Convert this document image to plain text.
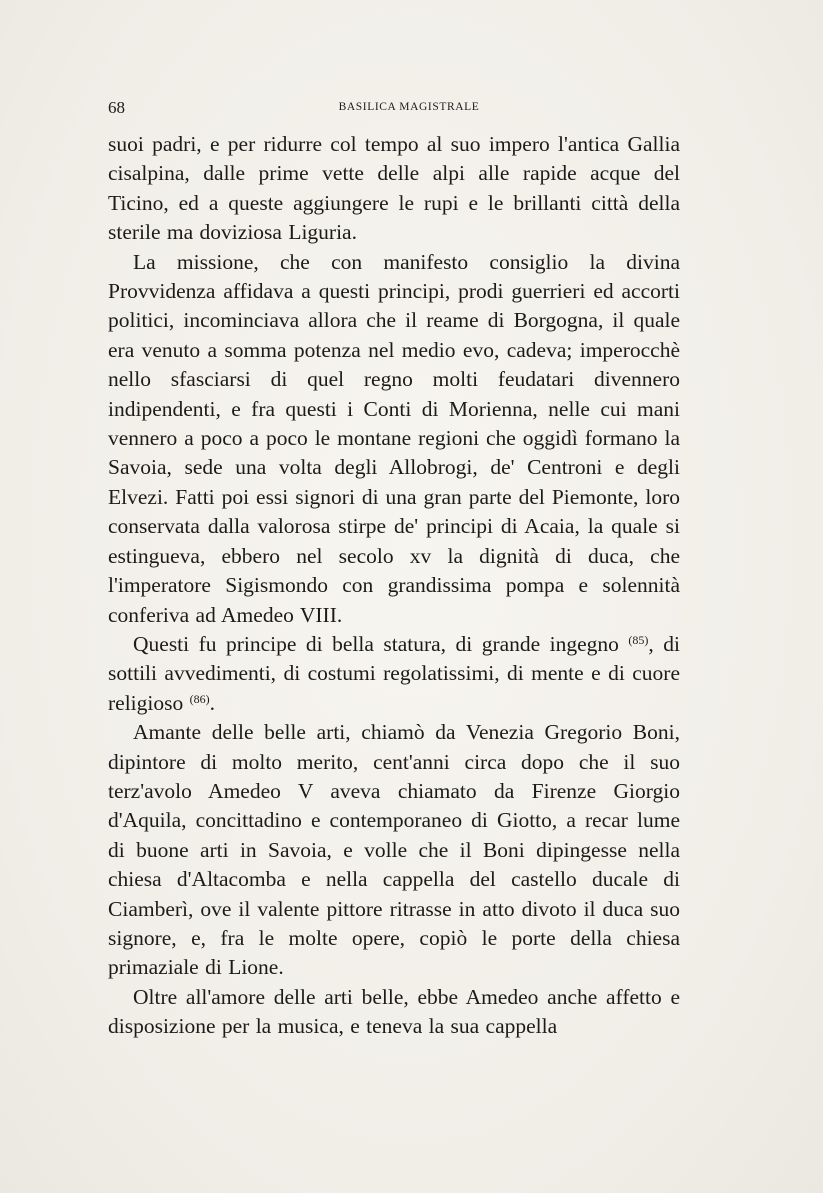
68	BASILICA MAGISTRALE

suoi padri, e per ridurre col tempo al suo impero l'antica Gallia cisalpina, dalle prime vette delle alpi alle rapide acque del Ticino, ed a queste aggiungere le rupi e le brillanti città della sterile ma doviziosa Liguria.

La missione, che con manifesto consiglio la divina Provvidenza affidava a questi principi, prodi guerrieri ed accorti politici, incominciava allora che il reame di Borgogna, il quale era venuto a somma potenza nel medio evo, cadeva; imperocchè nello sfasciarsi di quel regno molti feudatari divennero indipendenti, e fra questi i Conti di Morienna, nelle cui mani vennero a poco a poco le montane regioni che oggidì formano la Savoia, sede una volta degli Allobrogi, de' Centroni e degli Elvezi. Fatti poi essi signori di una gran parte del Piemonte, loro conservata dalla valorosa stirpe de' principi di Acaia, la quale si estingueva, ebbero nel secolo xv la dignità di duca, che l'imperatore Sigismondo con grandissima pompa e solennità conferiva ad Amedeo VIII.

Questi fu principe di bella statura, di grande ingegno $^{(85)}$, di sottili avvedimenti, di costumi regolatissimi, di mente e di cuore religioso $^{(86)}$.

Amante delle belle arti, chiamò da Venezia Gregorio Boni, dipintore di molto merito, cent'anni circa dopo che il suo terz'avolo Amedeo V aveva chiamato da Firenze Giorgio d'Aquila, concittadino e contemporaneo di Giotto, a recar lume di buone arti in Savoia, e volle che il Boni dipingesse nella chiesa d'Altacomba e nella cappella del castello ducale di Ciamberì, ove il valente pittore ritrasse in atto divoto il duca suo signore, e, fra le molte opere, copiò le porte della chiesa primaziale di Lione.

Oltre all'amore delle arti belle, ebbe Amedeo anche affetto e disposizione per la musica, e teneva la sua cappella
